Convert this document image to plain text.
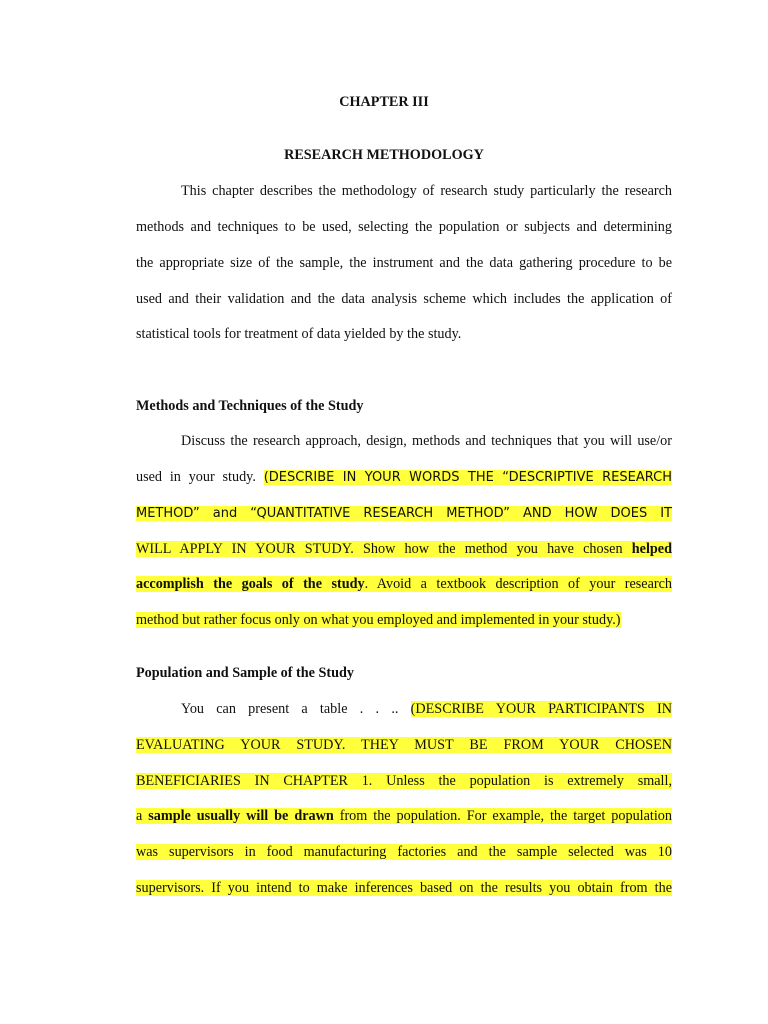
CHAPTER III
RESEARCH METHODOLOGY
This chapter describes the methodology of research study particularly the research
methods and techniques to be used, selecting the population or subjects and determining
the appropriate size of the sample, the instrument and the data gathering procedure to be
used and their validation and the data analysis scheme which includes the application of
statistical tools for treatment of data yielded by the study.
Methods and Techniques of the Study
Discuss the research approach, design, methods and techniques that you will use/or
used in your study. (DESCRIBE IN YOUR WORDS THE “DESCRIPTIVE RESEARCH
METHOD” and “QUANTITATIVE RESEARCH METHOD” AND HOW DOES IT
WILL APPLY IN YOUR STUDY. Show how the method you have chosen helped
accomplish the goals of the study. Avoid a textbook description of your research
method but rather focus only on what you employed and implemented in your study.)
Population and Sample of the Study
You can present a table . . .. (DESCRIBE YOUR PARTICIPANTS IN
EVALUATING YOUR STUDY. THEY MUST BE FROM YOUR CHOSEN
BENEFICIARIES IN CHAPTER 1. Unless the population is extremely small,
a sample usually will be drawn from the population. For example, the target population
was supervisors in food manufacturing factories and the sample selected was 10
supervisors. If you intend to make inferences based on the results you obtain from the
